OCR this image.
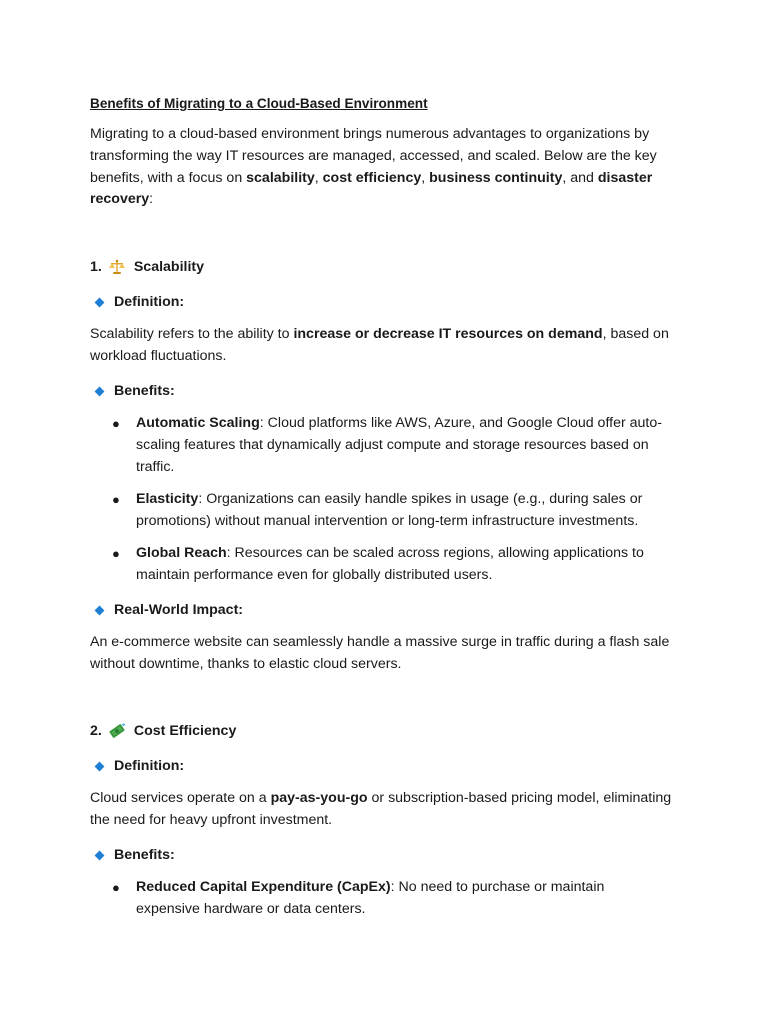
Benefits of Migrating to a Cloud-Based Environment

Migrating to a cloud-based environment brings numerous advantages to organizations by transforming the way IT resources are managed, accessed, and scaled. Below are the key benefits, with a focus on scalability, cost efficiency, business continuity, and disaster recovery:

1. Scalability
Definition:

Scalability refers to the ability to increase or decrease IT resources on demand, based on workload fluctuations.

Benefits:
●	Automatic Scaling: Cloud platforms like AWS, Azure, and Google Cloud offer auto-scaling features that dynamically adjust compute and storage resources based on traffic.
●	Elasticity: Organizations can easily handle spikes in usage (e.g., during sales or promotions) without manual intervention or long-term infrastructure investments.
●	Global Reach: Resources can be scaled across regions, allowing applications to maintain performance even for globally distributed users.
Real-World Impact:

An e-commerce website can seamlessly handle a massive surge in traffic during a flash sale without downtime, thanks to elastic cloud servers.

2. Cost Efficiency
Definition:

Cloud services operate on a pay-as-you-go or subscription-based pricing model, eliminating the need for heavy upfront investment.

Benefits:
●	Reduced Capital Expenditure (CapEx): No need to purchase or maintain expensive hardware or data centers.
